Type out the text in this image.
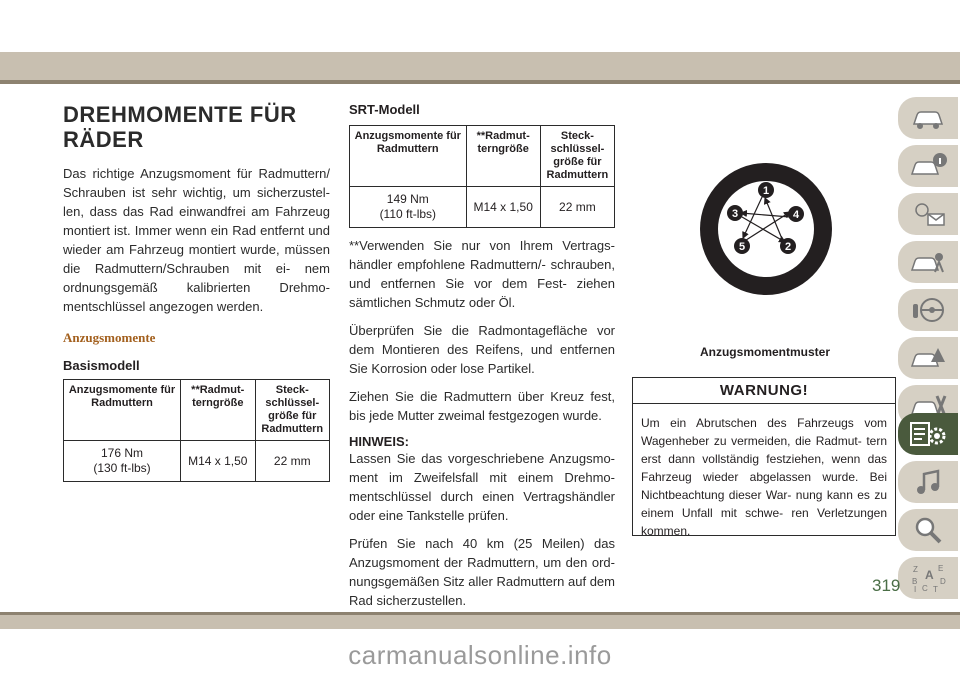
DREHMOMENTE FÜR
RÄDER

Das richtige Anzugsmoment für Radmuttern/ Schrauben ist sehr wichtig, um sicherzustel- len, dass das Rad einwandfrei am Fahrzeug montiert ist. Immer wenn ein Rad entfernt und wieder am Fahrzeug montiert wurde, müssen die Radmuttern/Schrauben mit ei- nem ordnungsgemäß kalibrierten Drehmo- mentschlüssel angezogen werden.

Anzugsmomente
Basismodell
Anzugsmomente für Radmuttern	**Radmut- terngröße	Steck- schlüssel- größe für Radmuttern

176 Nm
(130 ft-lbs)	M14 x 1,50	22 mm
SRT-Modell
Anzugsmomente für Radmuttern	**Radmut- terngröße	Steck- schlüssel- größe für Radmuttern

149 Nm
(110 ft-lbs)	M14 x 1,50	22 mm

**Verwenden Sie nur von Ihrem Vertrags- händler empfohlene Radmuttern/- schrauben, und entfernen Sie vor dem Fest- ziehen sämtlichen Schmutz oder Öl.

Überprüfen Sie die Radmontagefläche vor dem Montieren des Reifens, und entfernen Sie Korrosion oder lose Partikel.

Ziehen Sie die Radmuttern über Kreuz fest, bis jede Mutter zweimal festgezogen wurde.

HINWEIS:

Lassen Sie das vorgeschriebene Anzugsmo- ment im Zweifelsfall mit einem Drehmo- mentschlüssel durch einen Vertragshändler oder eine Tankstelle prüfen.

Prüfen Sie nach 40 km (25 Meilen) das Anzugsmoment der Radmuttern, um den ord- nungsgemäßen Sitz aller Radmuttern auf dem Rad sicherzustellen.

1
4
3
5	2
Anzugsmomentmuster
WARNUNG!
Um ein Abrutschen des Fahrzeugs vom Wagenheber zu vermeiden, die Radmut- tern erst dann vollständig festziehen, wenn das Fahrzeug wieder abgelassen wurde. Bei Nichtbeachtung dieser War- nung kann es zu einem Unfall mit schwe- ren Verletzungen kommen.
Z	E
A
B
C
D
I T
319
carmanualsonline.info
